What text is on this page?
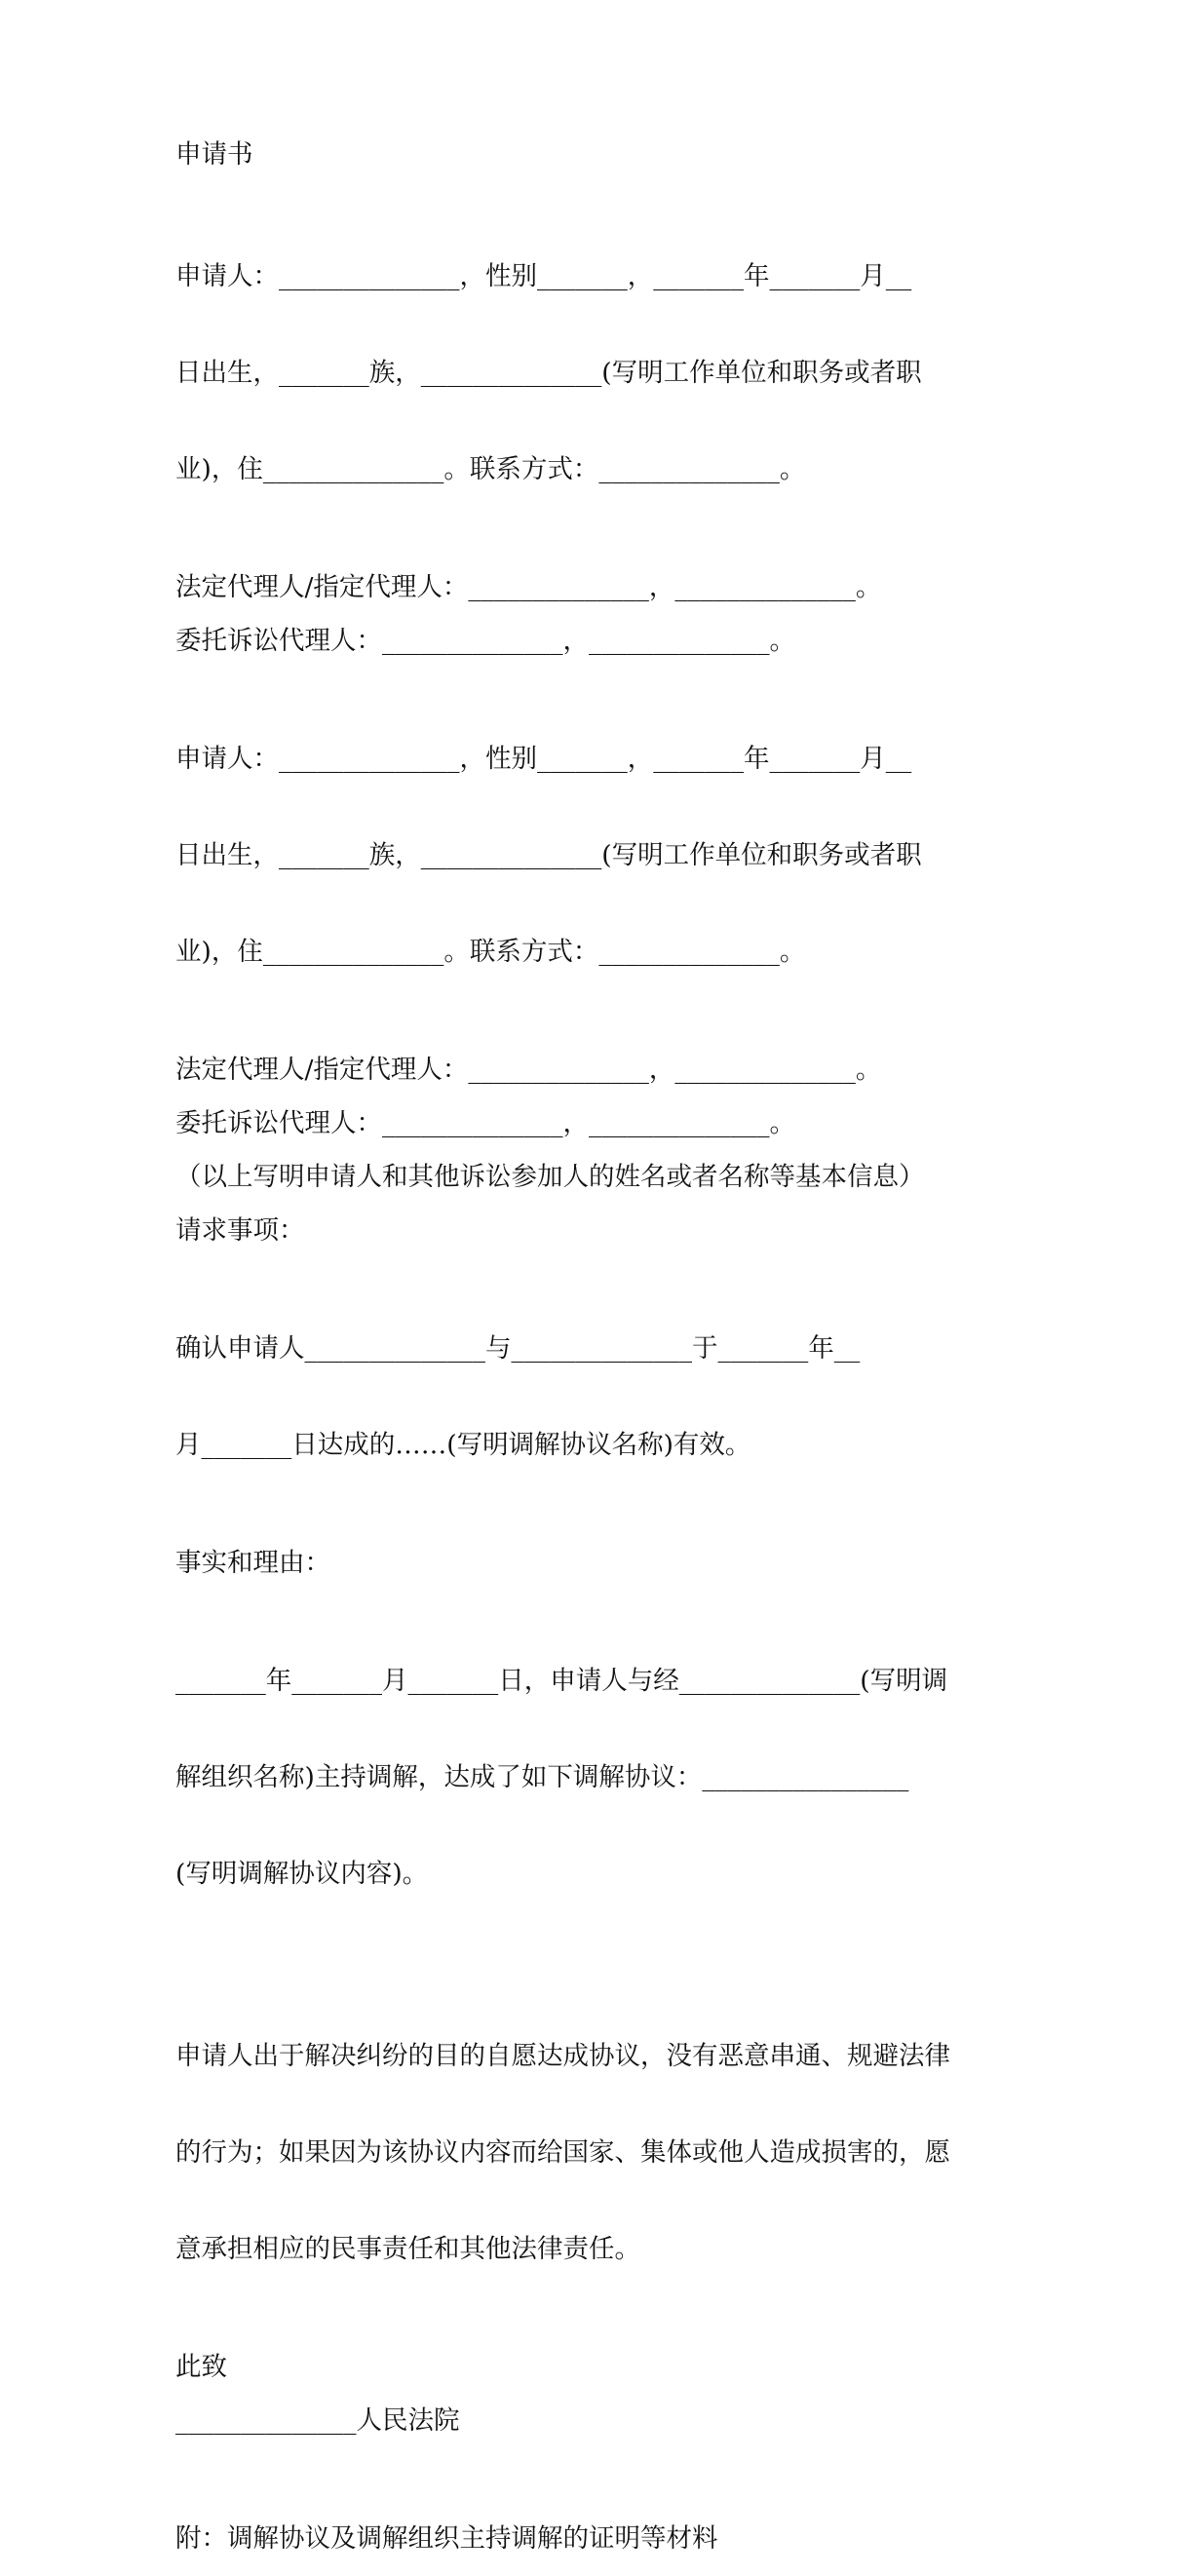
申请书

申请人：______________，性别_______，_______年_______月__

日出生，_______族，______________(写明工作单位和职务或者职

业)，住______________。联系方式：______________。

法定代理人/指定代理人：______________，______________。
委托诉讼代理人：______________，______________。

申请人：______________，性别_______，_______年_______月__

日出生，_______族，______________(写明工作单位和职务或者职

业)，住______________。联系方式：______________。

法定代理人/指定代理人：______________，______________。
委托诉讼代理人：______________，______________。
（以上写明申请人和其他诉讼参加人的姓名或者名称等基本信息）
请求事项：

确认申请人______________与______________于_______年__

月_______日达成的……(写明调解协议名称)有效。

事实和理由：

_______年_______月_______日，申请人与经______________(写明调

解组织名称)主持调解，达成了如下调解协议：________________

(写明调解协议内容)。

申请人出于解决纠纷的目的自愿达成协议，没有恶意串通、规避法律

的行为；如果因为该协议内容而给国家、集体或他人造成损害的，愿

意承担相应的民事责任和其他法律责任。

此致
______________人民法院
附：调解协议及调解组织主持调解的证明等材料
